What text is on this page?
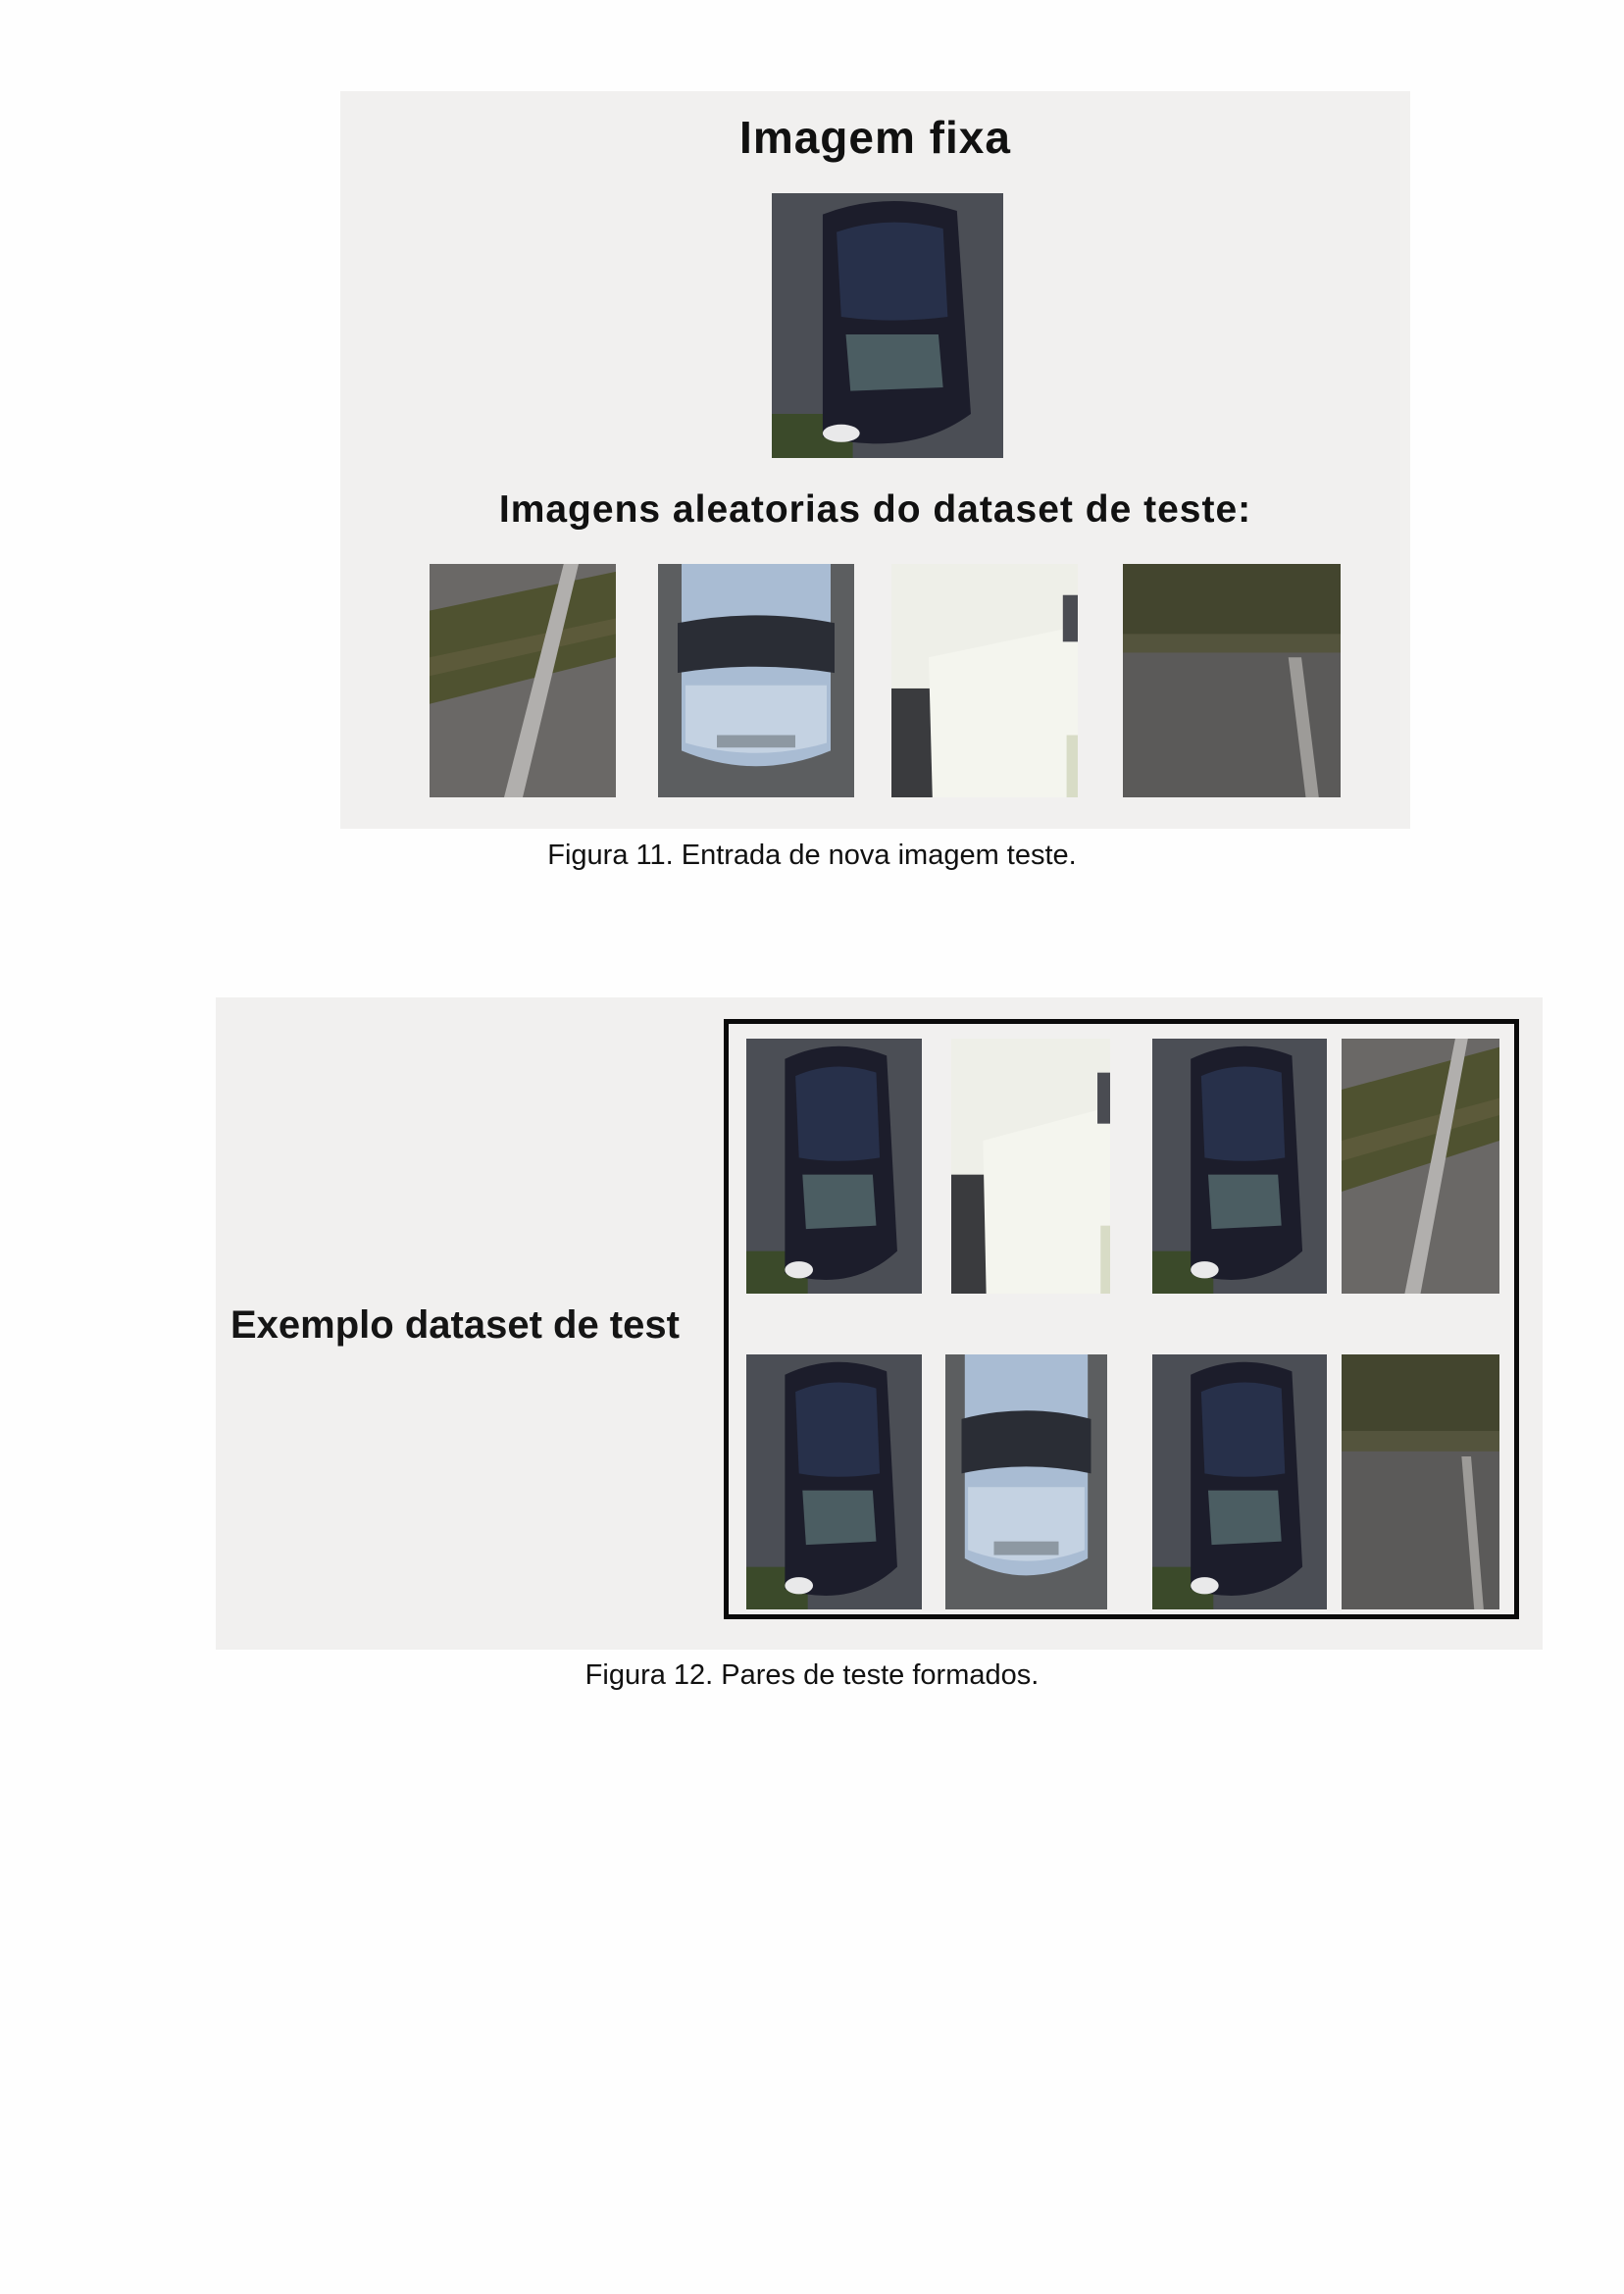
Imagem fixa
Imagens aleatorias do dataset de teste:
Figura 11. Entrada de nova imagem teste.
Exemplo dataset de test
Figura 12. Pares de teste formados.
